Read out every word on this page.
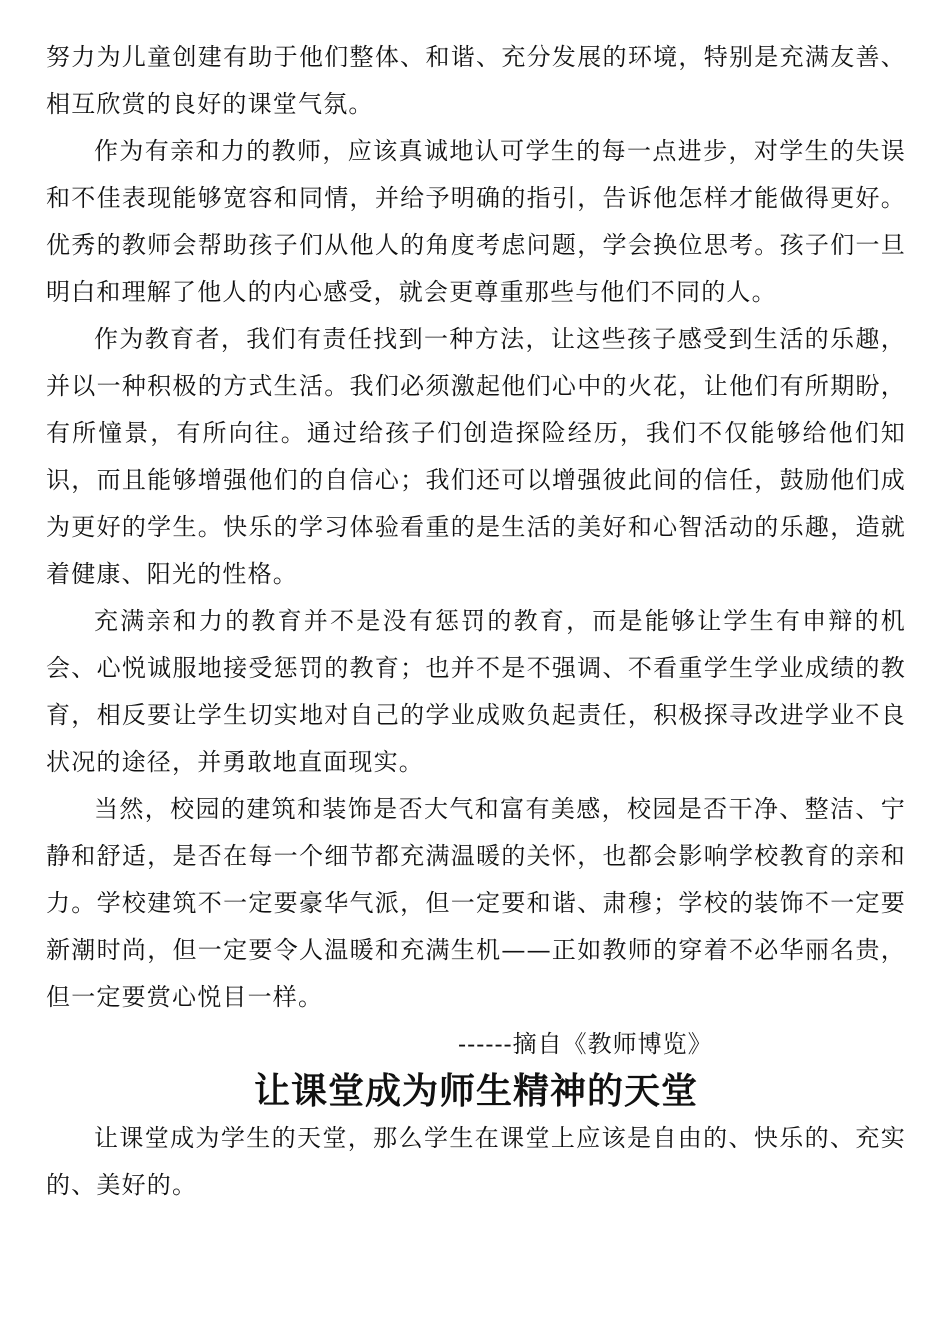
努力为儿童创建有助于他们整体、和谐、充分发展的环境，特别是充满友善、相互欣赏的良好的课堂气氛。

作为有亲和力的教师，应该真诚地认可学生的每一点进步，对学生的失误和不佳表现能够宽容和同情，并给予明确的指引，告诉他怎样才能做得更好。优秀的教师会帮助孩子们从他人的角度考虑问题，学会换位思考。孩子们一旦明白和理解了他人的内心感受，就会更尊重那些与他们不同的人。

作为教育者，我们有责任找到一种方法，让这些孩子感受到生活的乐趣，并以一种积极的方式生活。我们必须激起他们心中的火花，让他们有所期盼，有所憧景，有所向往。通过给孩子们创造探险经历，我们不仅能够给他们知识，而且能够增强他们的自信心；我们还可以增强彼此间的信任，鼓励他们成为更好的学生。快乐的学习体验看重的是生活的美好和心智活动的乐趣，造就着健康、阳光的性格。

充满亲和力的教育并不是没有惩罚的教育，而是能够让学生有申辩的机会、心悦诚服地接受惩罚的教育；也并不是不强调、不看重学生学业成绩的教育，相反要让学生切实地对自己的学业成败负起责任，积极探寻改进学业不良状况的途径，并勇敢地直面现实。

当然，校园的建筑和装饰是否大气和富有美感，校园是否干净、整洁、宁静和舒适，是否在每一个细节都充满温暖的关怀，也都会影响学校教育的亲和力。学校建筑不一定要豪华气派，但一定要和谐、肃穆；学校的装饰不一定要新潮时尚，但一定要令人温暖和充满生机——正如教师的穿着不必华丽名贵，但一定要赏心悦目一样。

------摘自《教师博览》

让课堂成为师生精神的天堂

让课堂成为学生的天堂，那么学生在课堂上应该是自由的、快乐的、充实的、美好的。
